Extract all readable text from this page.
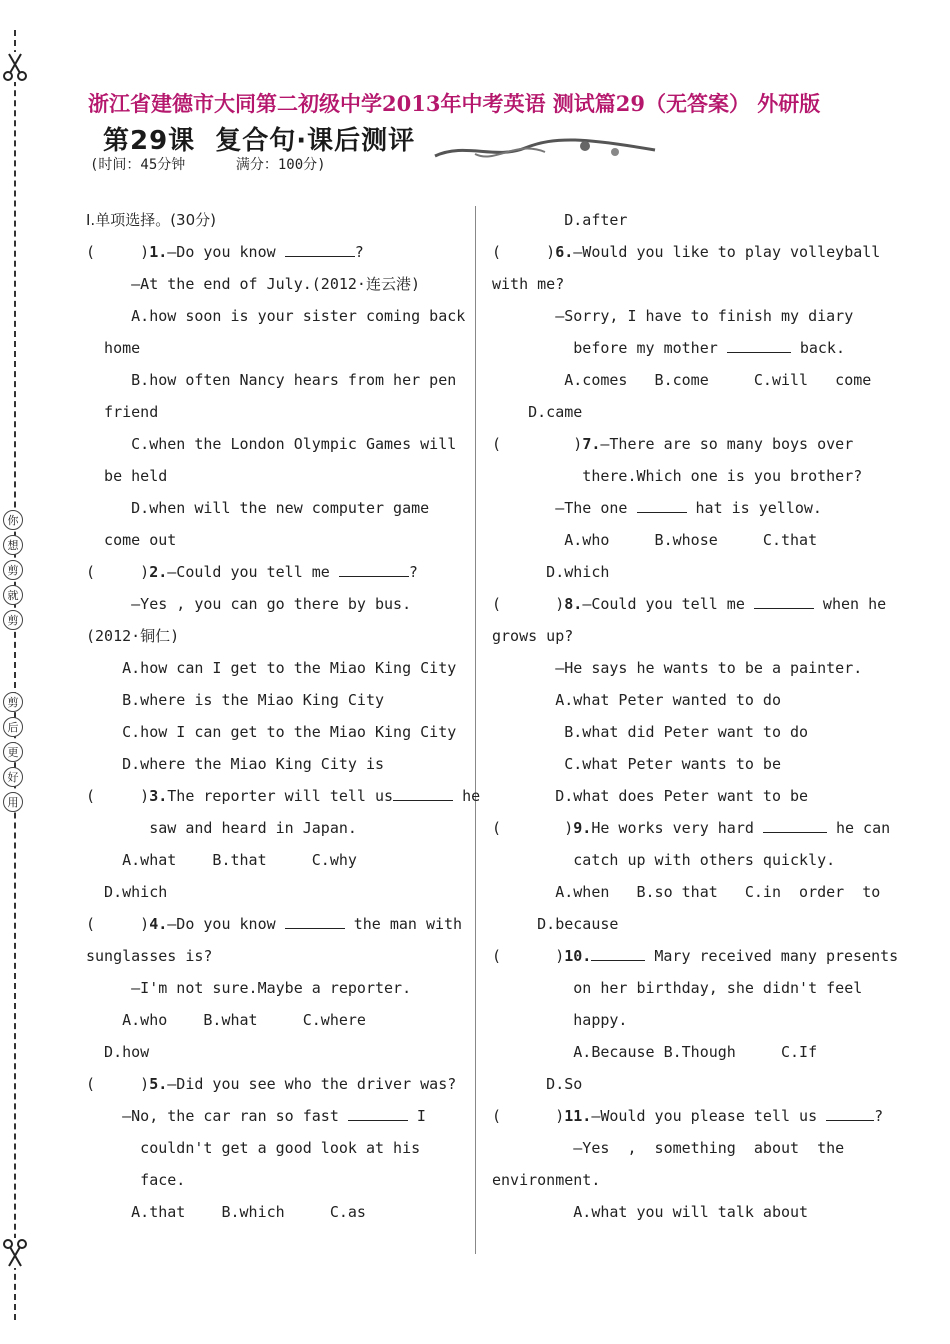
你
想
剪
就
剪
剪
后
更
好
用
浙江省建德市大同第二初级中学2013年中考英语 测试篇29（无答案） 外研版
第29课  复合句·课后测评
(时间：45分钟      满分：100分)
Ⅰ.单项选择。(30分)
(     )1.—Do you know	?
—At the end of July.(2012·连云港)
A.how soon is your sister coming back
home
B.how often Nancy hears from her pen
friend
C.when the London Olympic Games will
be held
D.when will the new computer game
come out
(     )2.—Could you tell me	?
—Yes , you can go there by bus.
(2012·铜仁)
A.how can I get to the Miao King City
B.where is the Miao King City
C.how I can get to the Miao King City
D.where the Miao King City is
(     )3.The reporter will tell us	he
saw and heard in Japan.
A.what    B.that     C.why
D.which
(     )4.—Do you know	the man with
sunglasses is?
—I'm not sure.Maybe a reporter.
A.who    B.what     C.where
D.how
(     )5.—Did you see who the driver was?
—No, the car ran so fast	I
couldn't get a good look at his
face.
A.that    B.which     C.as
D.after
(     )6.—Would you like to play volleyball
with me?
—Sorry, I have to finish my diary
before my mother	back.
A.comes   B.come     C.will   come
D.came
(        )7.—There are so many boys over
there.Which one is you brother?
—The one	hat is yellow.
A.who     B.whose     C.that
D.which
(      )8.—Could you tell me	when he
grows up?
—He says he wants to be a painter.
A.what Peter wanted to do
B.what did Peter want to do
C.what Peter wants to be
D.what does Peter want to be
(       )9.He works very hard	he can
catch up with others quickly.
A.when   B.so that   C.in  order  to
D.because
(      )10.	Mary received many presents
on her birthday, she didn't feel
happy.
A.Because B.Though     C.If
D.So
(      )11.—Would you please tell us	?
—Yes  ,  something  about  the
environment.
A.what you will talk about
